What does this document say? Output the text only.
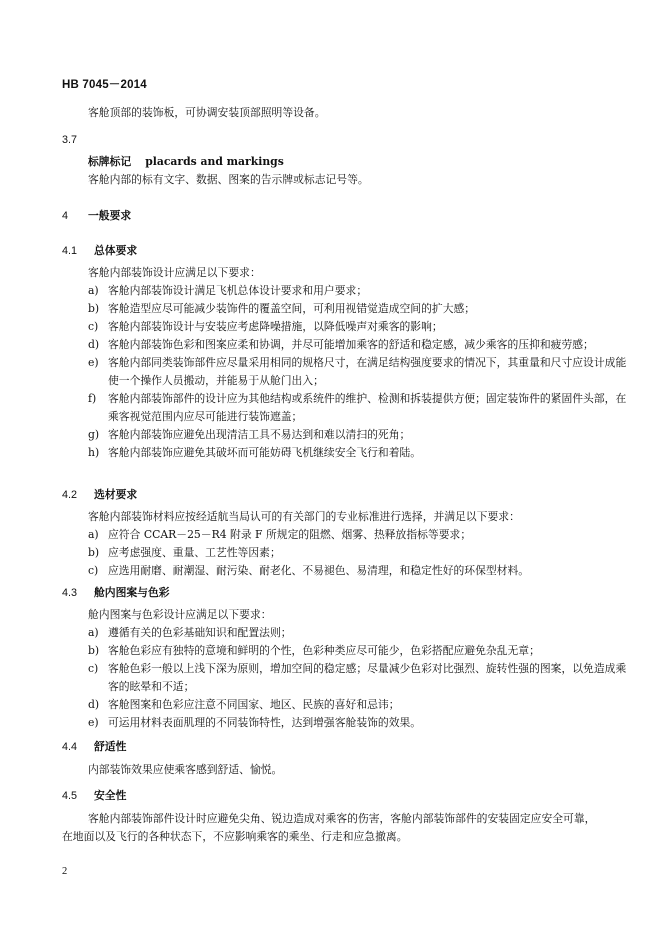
HB 7045－2014
客舱顶部的装饰板，可协调安装顶部照明等设备。
3.7
标牌标记 placards and markings
客舱内部的标有文字、数据、图案的告示牌或标志记号等。
4 一般要求
4.1 总体要求
客舱内部装饰设计应满足以下要求：
a) 客舱内部装饰设计满足飞机总体设计要求和用户要求；
b) 客舱造型应尽可能减少装饰件的覆盖空间，可利用视错觉造成空间的扩大感；
c) 客舱内部装饰设计与安装应考虑降噪措施，以降低噪声对乘客的影响；
d) 客舱内部装饰色彩和图案应柔和协调，并尽可能增加乘客的舒适和稳定感，减少乘客的压抑和疲劳感；
e) 客舱内部同类装饰部件应尽量采用相同的规格尺寸，在满足结构强度要求的情况下，其重量和尺寸应设计成能使一个操作人员搬动，并能易于从舱门出入；
f) 客舱内部装饰部件的设计应为其他结构或系统件的维护、检测和拆装提供方便；固定装饰件的紧固件头部，在乘客视觉范围内应尽可能进行装饰遮盖；
g) 客舱内部装饰应避免出现清洁工具不易达到和难以清扫的死角；
h) 客舱内部装饰应避免其破坏而可能妨碍飞机继续安全飞行和着陆。
4.2 选材要求
客舱内部装饰材料应按经适航当局认可的有关部门的专业标准进行选择，并满足以下要求：
a) 应符合 CCAR－25－R4 附录 F 所规定的阻燃、烟雾、热释放指标等要求；
b) 应考虑强度、重量、工艺性等因素；
c) 应选用耐磨、耐潮湿、耐污染、耐老化、不易褪色、易清理，和稳定性好的环保型材料。
4.3 舱内图案与色彩
舱内图案与色彩设计应满足以下要求：
a) 遵循有关的色彩基础知识和配置法则；
b) 客舱色彩应有独特的意境和鲜明的个性，色彩种类应尽可能少，色彩搭配应避免杂乱无章；
c) 客舱色彩一般以上浅下深为原则，增加空间的稳定感；尽量减少色彩对比强烈、旋转性强的图案，以免造成乘客的眩晕和不适；
d) 客舱图案和色彩应注意不同国家、地区、民族的喜好和忌讳；
e) 可运用材料表面肌理的不同装饰特性，达到增强客舱装饰的效果。
4.4 舒适性
内部装饰效果应使乘客感到舒适、愉悦。
4.5 安全性
客舱内部装饰部件设计时应避免尖角、锐边造成对乘客的伤害，客舱内部装饰部件的安装固定应安全可靠，在地面以及飞行的各种状态下，不应影响乘客的乘坐、行走和应急撤离。
2
